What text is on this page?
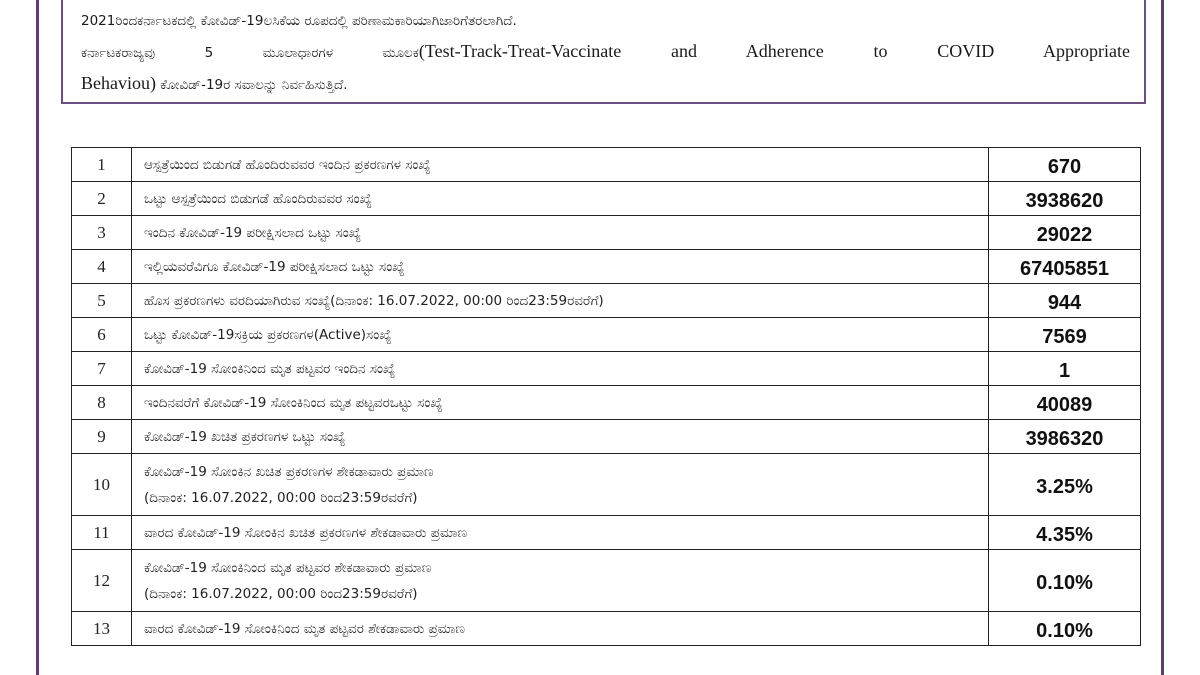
2021ರಿಂದಕರ್ನಾಟಕದಲ್ಲಿ ಕೋವಿಡ್-19ಲಸಿಕೆಯ ರೂಪದಲ್ಲಿ ಪರಿಣಾಮಕಾರಿಯಾಗಿಜಾರಿಗೆತರಲಾಗಿದೆ.
ಕರ್ನಾಟಕರಾಜ್ಯವು 5 ಮೂಲಾಧಾರಗಳ ಮೂಲಕ(Test-Track-Treat-Vaccinate and Adherence to COVID Appropriate
Behaviou) ಕೋವಿಡ್-19ರ ಸವಾಲನ್ನು ನಿರ್ವಹಿಸುತ್ತಿದೆ.
1	ಆಸ್ಪತ್ರೆಯಿಂದ ಬಿಡುಗಡೆ ಹೊಂದಿರುವವರ ಇಂದಿನ ಪ್ರಕರಣಗಳ ಸಂಖ್ಯೆ	670
2	ಒಟ್ಟು ಆಸ್ಪತ್ರೆಯಿಂದ ಬಿಡುಗಡೆ ಹೊಂದಿರುವವರ ಸಂಖ್ಯೆ	3938620
3	ಇಂದಿನ ಕೋವಿಡ್-19 ಪರೀಕ್ಷಿಸಲಾದ ಒಟ್ಟು ಸಂಖ್ಯೆ	29022
4	ಇಲ್ಲಿಯವರೆವಿಗೂ ಕೋವಿಡ್-19 ಪರೀಕ್ಷಿಸಲಾದ ಒಟ್ಟು ಸಂಖ್ಯೆ	67405851
5	ಹೊಸ ಪ್ರಕರಣಗಳು ವರದಿಯಾಗಿರುವ ಸಂಖ್ಯೆ(ದಿನಾಂಕ: 16.07.2022, 00:00 ರಿಂದ23:59ರವರೆಗೆ)	944
6	ಒಟ್ಟು ಕೋವಿಡ್-19ಸಕ್ರಿಯ ಪ್ರಕರಣಗಳ(Active)ಸಂಖ್ಯೆ	7569
7	ಕೋವಿಡ್-19 ಸೋಂಕಿನಿಂದ ಮೃತ ಪಟ್ಟವರ ಇಂದಿನ ಸಂಖ್ಯೆ	1
8	ಇಂದಿನವರೆಗೆ ಕೋವಿಡ್-19 ಸೋಂಕಿನಿಂದ ಮೃತ ಪಟ್ಟವರಒಟ್ಟು ಸಂಖ್ಯೆ	40089
9	ಕೋವಿಡ್-19 ಖಚಿತ ಪ್ರಕರಣಗಳ ಒಟ್ಟು ಸಂಖ್ಯೆ	3986320
10	ಕೋವಿಡ್-19 ಸೋಂಕಿನ ಖಚಿತ ಪ್ರಕರಣಗಳ ಶೇಕಡಾವಾರು ಪ್ರಮಾಣ
(ದಿನಾಂಕ: 16.07.2022, 00:00 ರಿಂದ23:59ರವರೆಗೆ)	3.25%
11	ವಾರದ ಕೋವಿಡ್-19 ಸೋಂಕಿನ ಖಚಿತ ಪ್ರಕರಣಗಳ ಶೇಕಡಾವಾರು ಪ್ರಮಾಣ	4.35%
12	ಕೋವಿಡ್-19 ಸೋಂಕಿನಿಂದ ಮೃತ ಪಟ್ಟವರ ಶೇಕಡಾವಾರು ಪ್ರಮಾಣ
(ದಿನಾಂಕ: 16.07.2022, 00:00 ರಿಂದ23:59ರವರೆಗೆ)	0.10%
13	ವಾರದ ಕೋವಿಡ್-19 ಸೋಂಕಿನಿಂದ ಮೃತ ಪಟ್ಟವರ ಶೇಕಡಾವಾರು ಪ್ರಮಾಣ	0.10%
